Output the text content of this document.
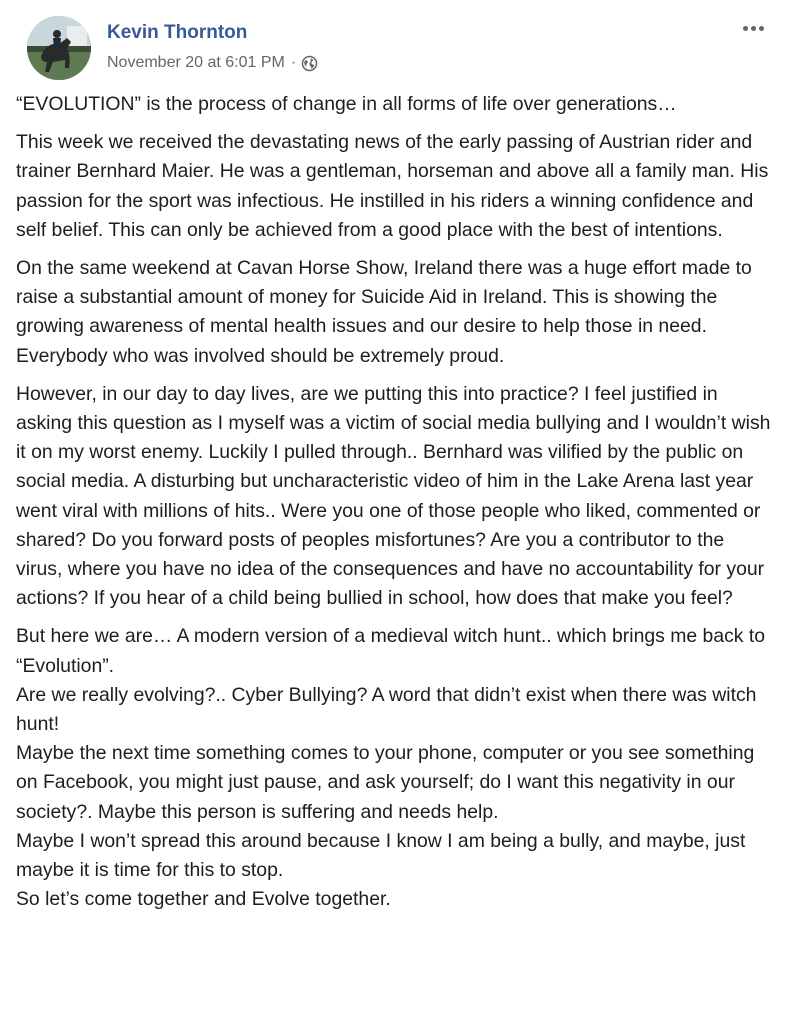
Kevin Thornton
November 20 at 6:01 PM ·

“EVOLUTION” is the process of change in all forms of life over generations…

This week we received the devastating news of the early passing of Austrian rider and trainer Bernhard Maier. He was a gentleman, horseman and above all a family man. His passion for the sport was infectious. He instilled in his riders a winning confidence and self belief. This can only be achieved from a good place with the best of intentions.

On the same weekend at Cavan Horse Show, Ireland there was a huge effort made to raise a substantial amount of money for Suicide Aid in Ireland. This is showing the growing awareness of mental health issues and our desire to help those in need. Everybody who was involved should be extremely proud.

However, in our day to day lives, are we putting this into practice? I feel justified in asking this question as I myself was a victim of social media bullying and I wouldn’t wish it on my worst enemy. Luckily I pulled through.. Bernhard was vilified by the public on social media. A disturbing but uncharacteristic video of him in the Lake Arena last year went viral with millions of hits.. Were you one of those people who liked, commented or shared? Do you forward posts of peoples misfortunes? Are you a contributor to the virus, where you have no idea of the consequences and have no accountability for your actions? If you hear of a child being bullied in school, how does that make you feel?

But here we are… A modern version of a medieval witch hunt.. which brings me back to “Evolution”.
Are we really evolving?.. Cyber Bullying? A word that didn’t exist when there was witch hunt!
Maybe the next time something comes to your phone, computer or you see something on Facebook, you might just pause, and ask yourself; do I want this negativity in our society?. Maybe this person is suffering and needs help.
Maybe I won’t spread this around because I know I am being a bully, and maybe, just maybe it is time for this to stop.
So let’s come together and Evolve together.
